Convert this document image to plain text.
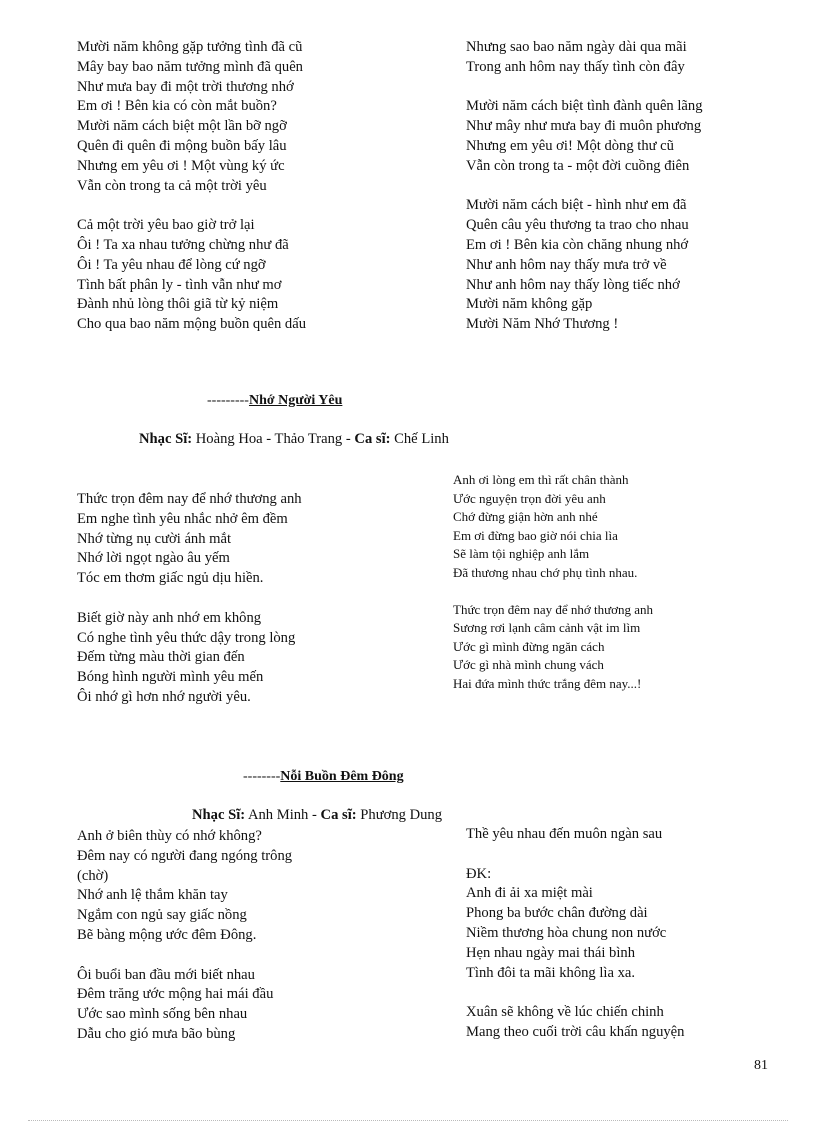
Mười năm không gặp tưởng tình đã cũ
Mây bay bao năm tưởng mình đã quên
Như mưa bay đi một trời thương nhớ
Em ơi ! Bên kia có còn mắt buồn?
Mười năm cách biệt một lần bỡ ngỡ
Quên đi quên đi mộng buồn bấy lâu
Nhưng em yêu ơi ! Một vùng ký ức
Vẫn còn trong ta cả một trời yêu
Cả một trời yêu bao giờ trở lại
Ôi ! Ta xa nhau tưởng chừng như đã
Ôi ! Ta yêu nhau để lòng cứ ngỡ
Tình bất phân ly - tình vẫn như mơ
Đành nhủ lòng thôi giã từ kỷ niệm
Cho qua bao năm mộng buồn quên dấu
Nhưng sao bao năm ngày dài qua mãi
Trong anh hôm nay thấy tình còn đây
Mười năm cách biệt tình đành quên lãng
Như mây như mưa bay đi muôn phương
Nhưng em yêu ơi! Một dòng thư cũ
Vẫn còn trong ta - một đời cuồng điên
Mười năm cách biệt - hình như em đã
Quên câu yêu thương ta trao cho nhau
Em ơi ! Bên kia còn chăng nhung nhớ
Như anh hôm nay thấy mưa trở về
Như anh hôm nay thấy lòng tiếc nhớ
Mười năm không gặp
Mười Năm Nhớ Thương !
---------Nhớ Người Yêu
Nhạc Sĩ: Hoàng Hoa - Thảo Trang - Ca sĩ: Chế Linh
Thức trọn đêm nay để nhớ thương anh
Em nghe tình yêu nhắc nhở êm đềm
Nhớ từng nụ cười ánh mắt
Nhớ lời ngọt ngào âu yếm
Tóc em thơm giấc ngủ dịu hiền.
Biết giờ này anh nhớ em không
Có nghe tình yêu thức dậy trong lòng
Đếm từng màu thời gian đến
Bóng hình người mình yêu mến
Ôi nhớ gì hơn nhớ người yêu.
Anh ơi lòng em thì rất chân thành
Ước nguyện trọn đời yêu anh
Chớ đừng giận hờn anh nhé
Em ơi đừng bao giờ nói chia lìa
Sẽ làm tội nghiệp anh lắm
Đã thương nhau chớ phụ tình nhau.
Thức trọn đêm nay để nhớ thương anh
Sương rơi lạnh câm cảnh vật im lìm
Ước gì mình đừng ngăn cách
Ước gì nhà mình chung vách
Hai đứa mình thức trắng đêm nay...!
--------Nỗi Buồn Đêm Đông
Nhạc Sĩ: Anh Minh - Ca sĩ: Phương Dung
Anh ở biên thùy có nhớ không?
Đêm nay có người đang ngóng trông
(chờ)
Nhớ anh lệ thắm khăn tay
Ngắm con ngủ say giấc nồng
Bẽ bàng mộng ước đêm Đông.
Ôi buổi ban đầu mới biết nhau
Đêm trăng ước mộng hai mái đầu
Ước sao mình sống bên nhau
Dẫu cho gió mưa bão bùng
Thề yêu nhau đến muôn ngàn sau
ĐK:
Anh đi ải xa miệt mài
Phong ba bước chân đường dài
Niềm thương hòa chung non nước
Hẹn nhau ngày mai thái bình
Tình đôi ta mãi không lìa xa.
Xuân sẽ không về lúc chiến chinh
Mang theo cuối trời câu khấn nguyện
81
